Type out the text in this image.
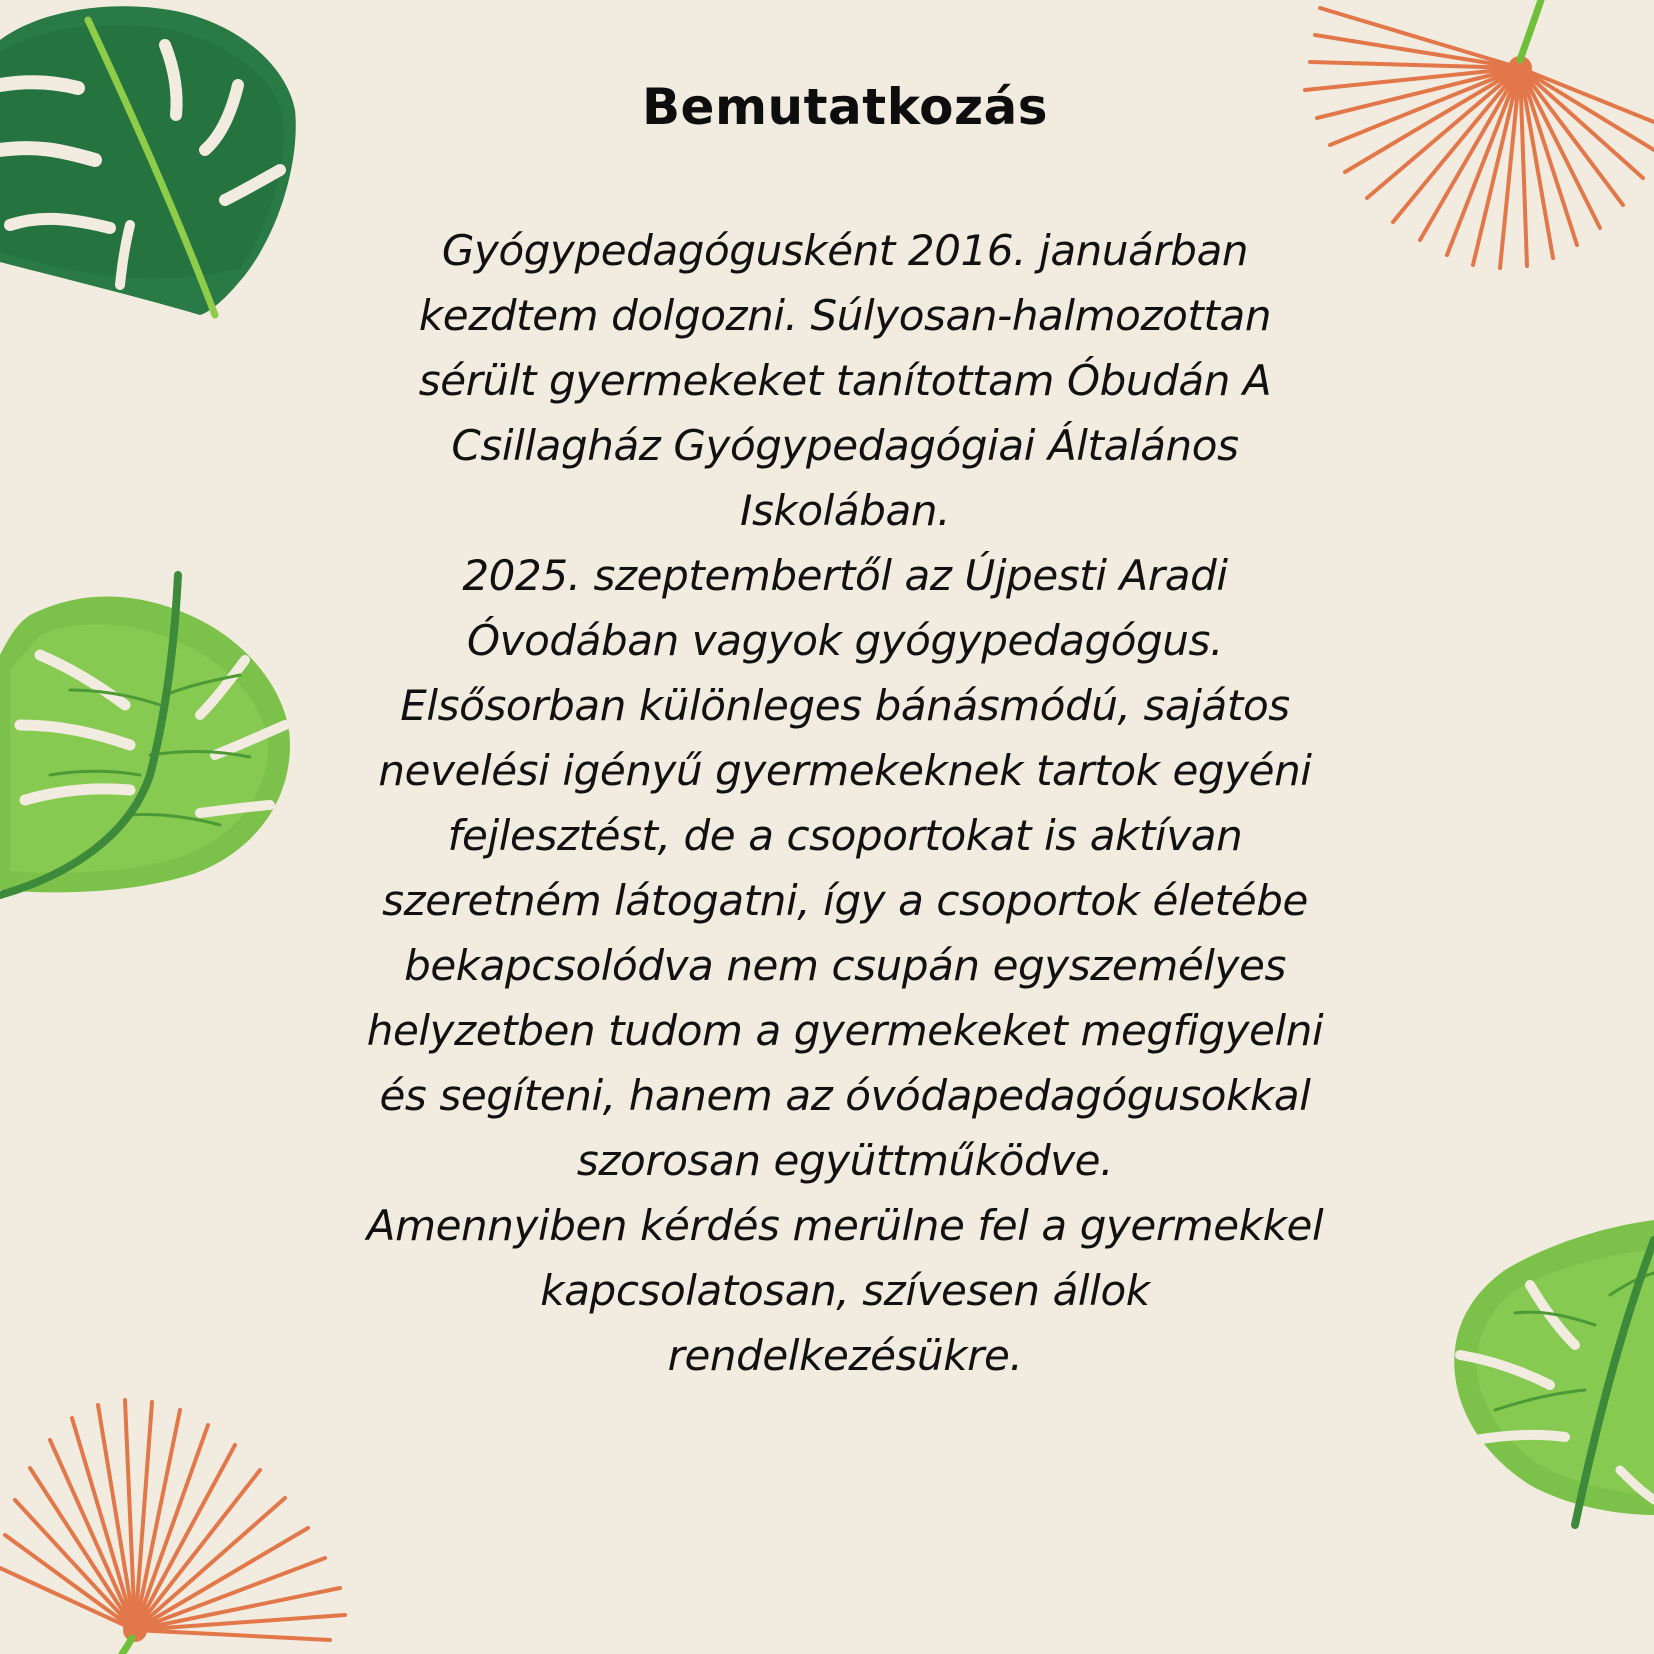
Bemutatkozás

Gyógypedagógusként 2016. januárban
kezdtem dolgozni. Súlyosan-halmozottan
sérült gyermekeket tanítottam Óbudán A
Csillagház Gyógypedagógiai Általános
Iskolában.
2025. szeptembertől az Újpesti Aradi
Óvodában vagyok gyógypedagógus.
Elsősorban különleges bánásmódú, sajátos
nevelési igényű gyermekeknek tartok egyéni
fejlesztést, de a csoportokat is aktívan
szeretném látogatni, így a csoportok életébe
bekapcsolódva nem csupán egyszemélyes
helyzetben tudom a gyermekeket megfigyelni
és segíteni, hanem az óvódapedagógusokkal
szorosan együttműködve.
Amennyiben kérdés merülne fel a gyermekkel
kapcsolatosan, szívesen állok
rendelkezésükre.
